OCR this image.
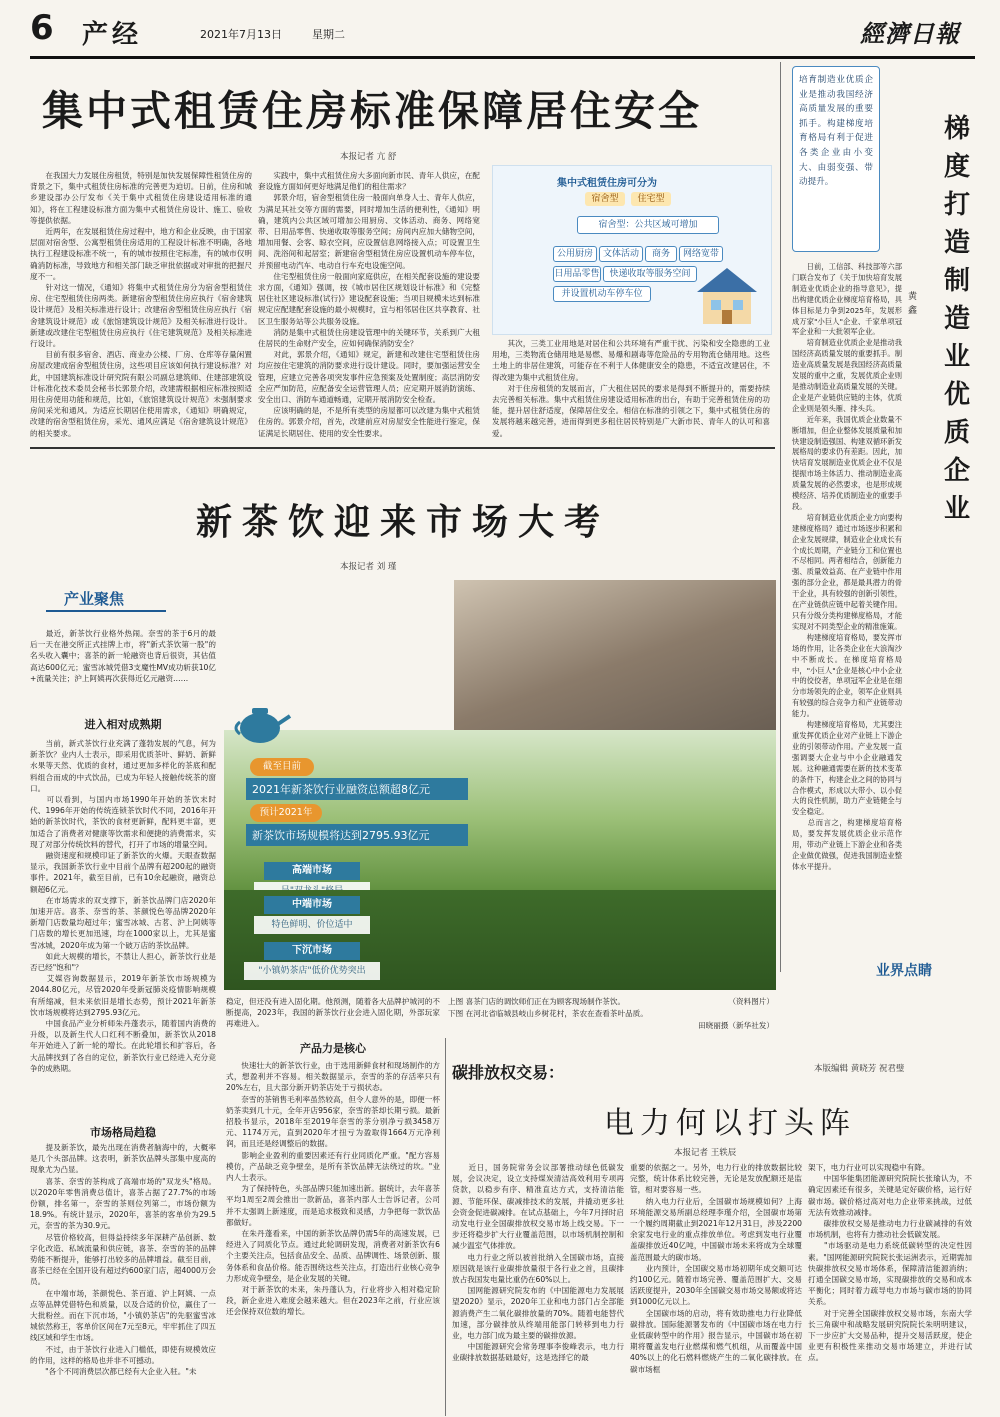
6 产经	2021年7月13日	星期二	經濟日報
集中式租赁住房标准保障居住安全
本报记者 亢 舒
　　在我国大力发展住房租赁，特别是加快发展保障性租赁住房的背景之下，集中式租赁住房标准的完善更为迫切。日前，住房和城乡建设部办公厅发布《关于集中式租赁住房建设适用标准的通知》，将在工程建设标准方面为集中式租赁住房设计、施工、验收等提供依据。
　　近两年，在发展租赁住房过程中，地方和企业反映，由于国家层面对宿舍型、公寓型租赁住房适用的工程设计标准不明确，各地执行工程建设标准不统一，有的城市按照住宅标准，有的城市仅明确消防标准，导致地方和相关部门缺乏审批依据或对审批的把握尺度不一。
　　针对这一情况，《通知》将集中式租赁住房分为宿舍型租赁住房、住宅型租赁住房两类。新建宿舍型租赁住房应执行《宿舍建筑设计规范》及相关标准进行设计；改建宿舍型租赁住房应执行《宿舍建筑设计规范》或《旅馆建筑设计规范》及相关标准进行设计。新建或改建住宅型租赁住房应执行《住宅建筑规范》及相关标准进行设计。
　　目前有很多宿舍、酒店、商业办公楼、厂房、仓库等存量闲置房屋改建成宿舍型租赁住房，这些项目应该如何执行建设标准？对此，中国建筑标准设计研究院有限公司副总建筑师、住建部建筑设计标准化技术委员会秘书长郭景介绍，改建需根据相应标准按照适用住房使用功能和规范，比如，《旅馆建筑设计规范》未强制要求房间采光和通风。为适应长期居住使用需求，《通知》明确规定，改建的宿舍型租赁住房，采光、通风应满足《宿舍建筑设计规范》的相关要求。
　　实践中，集中式租赁住房大多面向新市民、青年人供应，在配套设施方面如何更好地满足他们的租住需求？
　　郭景介绍，宿舍型租赁住房一般面向单身人士、青年人供应，为满足其社交等方面的需要，同时增加生活的便利性，《通知》明确，建筑内公共区域可增加公用厨房、文体活动、商务、网络宽带、日用品零售、快递收取等服务空间；房间内应加大储物空间，增加用餐、会客、晾衣空间，应设置信息网络接入点；可设置卫生间、洗浴间和起居室；新建宿舍型租赁住房应设置机动车停车位，并预留电动汽车、电动自行车充电设施空间。
　　住宅型租赁住房一般面向家庭供应，在相关配套设施的建设要求方面，《通知》强调，按《城市居住区规划设计标准》和《完整居住社区建设标准(试行)》建设配套设施；当项目规模未达到标准规定应配建配套设施的最小规模时，宜与相邻居住区共享教育、社区卫生服务站等公共服务设施。
　　消防是集中式租赁住房建设管理中的关键环节，关系到广大租住居民的生命财产安全，应如何确保消防安全？
　　对此，郭景介绍，《通知》规定，新建和改建住宅型租赁住房均应按住宅建筑的消防要求进行设计建设。同时，要加强运营安全管理，应建立完善各项突发事件应急预案及处置制度；高层消防安全应严加防范，应配备安全运营管理人员；应定期开展消防演练、安全出口、消防车通道畅通，定期开展消防安全检查。
　　应该明确的是，不是所有类型的房屋都可以改建为集中式租赁住房的。郭景介绍，首先，改建前应对房屋安全性能进行鉴定，保证满足长期居住、使用的安全性要求。
集中式租赁住房可分为
宿舍型	住宅型
宿舍型：公共区域可增加
公用厨房	文体活动	商务	网络宽带
日用品零售	快递收取等服务空间
并设置机动车停车位
　　其次，三类工业用地是对居住和公共环境有严重干扰、污染和安全隐患的工业用地，三类物流仓储用地是易燃、易爆和剧毒等危险品的专用物流仓储用地。这些土地上的非居住建筑，可能存在不利于人体健康安全的隐患，不适宜改建居住，不得改建为集中式租赁住房。
　　对于住房租赁的发展而言，广大租住居民的要求是得到不断提升的，需要持续去完善相关标准。集中式租赁住房建设适用标准的出台，有助于完善租赁住房的功能，提升居住舒适度，保障居住安全。相信在标准的引领之下，集中式租赁住房的发展将越来越完善，进而得到更多租住居民特别是广大新市民、青年人的认可和喜爱。
培育制造业优质企业是推动我国经济高质量发展的重要抓手。构建梯度培育格局有利于促进各类企业由小变大、由弱变强、带动提升。
梯度打造制造业优质企业
黄 鑫
　　日前，工信部、科技部等六部门联合发布了《关于加快培育发展制造业优质企业的指导意见》，提出构建优质企业梯度培育格局，具体目标是力争到2025年，发展形成万家"小巨人"企业、千家单项冠军企业和一大批领军企业。
　　培育制造业优质企业是推动我国经济高质量发展的重要抓手。制造业高质量发展是我国经济高质量发展的重中之重，发展优质企业则是推动制造业高质量发展的关键。企业是产业链供应链的主体，优质企业则是领头雁、排头兵。
　　近年来，我国优质企业数量不断增加，但企业整体发展质量和加快建设制造强国、构建双循环新发展格局的要求仍有差距。因此，加快培育发展制造业优质企业不仅是提振市场主体活力、推动制造业高质量发展的必然要求，也是形成规模经济、培养优质制造业的重要手段。
　　培育制造业优质企业方向要构建梯度格局？通过市场逐步积累和企业发展规律，制造业企业成长有个成长周期，产业链分工和位置也不尽相同。两者相结合，创新能力强、质量效益高、在产业链中作用强的部分企业，都是最具潜力的骨干企业，具有较强的创新引领性，在产业链供应链中起着关键作用。只有分级分类构建梯度格局，才能实现对不同类型企业的精准施策。
　　构建梯度培育格局，要发挥市场的作用，让各类企业在大浪淘沙中不断成长。在梯度培育格局中，"小巨人"企业是核心中小企业中的佼佼者，单项冠军企业是在细分市场领先的企业，领军企业则具有较强的综合竞争力和产业链带动能力。
　　构建梯度培育格局，尤其要注重发挥优质企业对产业链上下游企业的引领带动作用。产业发展一直强调要大企业与中小企业融通发展。这种融通需要在新的技术变革的条件下，构建企业之间的协同与合作模式，形成以大带小、以小促大的良性机制，助力产业链健全与安全稳定。
　　总而言之，构建梯度培育格局，要发挥发展优质企业示范作用，带动产业链上下游企业和各类企业做优做强，促进我国制造业整体水平提升。
业界点睛
本版编辑 黄晓芳 祝君璧
新茶饮迎来市场大考
本报记者 刘 瑾
产业聚焦
　　最近，新茶饮行业格外热闹。奈雪的茶于6月的最后一天在港交所正式挂牌上市，将"新式茶饮第一股"的名头收入囊中；喜茶的新一轮融资也背后很资，其估值高达600亿元；蜜雪冰城凭借3支魔性MV成功斩获10亿+流量关注；沪上阿姨再次获得近亿元融资……
进入相对成熟期
　　当前，新式茶饮行业充满了蓬勃发展的气息，何为新茶饮？业内人士表示，即采用优质茶叶、鲜奶、新鲜水果等天然、优质的食材，通过更加多样化的茶底和配料组合而成的中式饮品，已成为年轻人接触传统茶的窗口。
　　可以看到，与国内市场1990年开始的茶饮末时代、1996年开始的传统连锁茶饮时代不同，2016年开始的新茶饮时代，茶饮的食材更新鲜，配料更丰富，更加适合了消费者对健康等饮需求和便捷的消费需求，实现了对部分传统饮料的替代，打开了市场的增量空间。
　　融资速度和规模印证了新茶饮的火爆。天眼查数据显示，我国新茶饮行业中目前个品牌有超200起的融资事件。2021年，截至目前，已有10余起融资，融资总额超6亿元。
　　在市场需求的双支撑下，新茶饮品牌门店2020年加速开店。喜茶、奈雪的茶、茶颜悦色等品牌2020年新增门店数量均超过年；蜜雪冰城、古茗、沪上阿姨等门店数的增长更加迅速，均在1000家以上，尤其是蜜雪冰城，2020年成为第一个破万店的茶饮品牌。
　　如此大规模的增长，不禁让人担心，新茶饮行业是否已经"饱和"？
　　艾媒咨询数据显示，2019年新茶饮市场规模为2044.80亿元，尽管2020年受新冠肺炎疫情影响规模有所缩减，但未来依旧是增长态势，预计2021年新茶饮市场规模将达到2795.93亿元。
　　中国食品产业分析师朱丹蓬表示，随着国内消费的升级，以及新生代人口红利不断叠加，新茶饮从2018年开始进入了新一轮的增长。在此轮增长和扩容后，各大品牌找到了各自的定位，新茶饮行业已经进入充分竞争的成熟期。
市场格局趋稳
　　提及新茶饮，最先出现在消费者脑海中的，大概率是几个头部品牌。这表明，新茶饮品牌头部集中度高的现象尤为凸显。
　　喜茶、奈雪的茶构成了高端市场的"双龙头"格局。以2020年零售消费总值计，喜茶占据了27.7%的市场份额，排名第一，奈雪的茶则位列第二，市场份额为18.9%。有统计显示，2020年，喜茶的客单价为29.5元，奈雪的茶为30.9元。
　　尽管价格较高，但得益持续多年深耕产品创新、数字化改造、私域流量和供应链，喜茶、奈雪的茶的品牌势能不断提升，能够打出较多的品牌增益。截至目前，喜茶已经在全国开设有超过约600家门店，超4000万会员。
　　在中端市场，茶颜悦色、茶百道、沪上阿姨、一点点等品牌凭借特色和质量，以及合适的价位，赢住了一大批粉丝。而在下沉市场，"小镇奶茶店"的先驱蜜雪冰城依然称王，客单价区间在7元至8元，牢牢抓住了四五线区域和学生市场。
　　不过，由于茶饮行业进入门槛低，即使有规模效应的作用，这样的格局也并非不可撼动。
　　"各个不同消费层次都已经有大企业入驻。"未
截至目前
2021年新茶饮行业融资总额超8亿元
预计2021年
新茶饮市场规模将达到2795.93亿元
高端市场
中端市场
特色鲜明、价位适中
下沉市场
"小镇奶茶店"低价优势突出
上图 喜茶门店的调饮师们正在为顾客现场制作茶饮。	（资料图片）
下图 在河北省临城县岐山乡树花村，茶农在查看茶叶品质。
田晓丽摄（新华社发）
稳定，但还没有进入固化期。他预测，随着各大品牌护城河的不断提高，2023年，我国的新茶饮行业会进入固化期，外部玩家再难进入。
产品力是核心
　　快速壮大的新茶饮行业，由于选用新鲜食材和现场制作的方式，想盈利并不容易。相关数据显示，奈雪的茶的存活率只有20%左右，且大部分新开奶茶店处于亏损状态。
　　奈雪的茶销售毛利率虽然较高，但令人意外的是，即便一杯奶茶卖到几十元，全年开店956家，奈雪的茶却长期亏损。最新招股书显示，2018年至2019年奈雪的茶分别净亏损3458万元、1174万元，直到2020年才扭亏为盈取得1664万元净利润，而且还是经调整后的数据。
　　影响企业盈利的重要因素还有行业同质化严重。"配方容易模仿，产品缺乏竞争壁垒，是所有茶饮品牌无法绕过的坎。"业内人士表示。
　　为了保持特色，头部品牌只能加速出新。据统计，去年喜茶平均1周至2周会推出一款新品，喜茶内部人士告诉记者，公司并不太强调上新速度，而是追求极致和灵感，力争把每一款饮品都做好。
　　在朱丹蓬看来，中国的新茶饮品牌仍需5年的高速发展，已经进入了同质化节点。通过此轮调研发现，消费者对新茶饮有6个主要关注点，包括食品安全、品质、品牌调性、场景创新、服务体系和食品价格。能否围绕这些关注点，打造出行业核心竞争力形成竞争壁垒，是企业发展的关键。
　　对于新茶饮的未来，朱丹蓬认为，行业将步入相对稳定阶段，新企业进入难度会越来越大。但在2023年之前，行业应该还会保持双位数的增长。
碳排放权交易：
电力何以打头阵
本报记者 王轶辰
　　近日，国务院常务会议部署推动绿色低碳发展，会议决定，设立支持煤炭清洁高效利用专项再贷款，以稳步有序、精准直达方式，支持清洁能源、节能环保、碳减排技术的发展，并撬动更多社会资金促进碳减排。在试点基础上，今年7月择时启动发电行业全国碳排放权交易市场上线交易。下一步还将稳步扩大行业覆盖范围，以市场机制控制和减少温室气体排放。
　　电力行业之所以被首批纳入全国碳市场，直接原因就是该行业碳排放量很于各行业之首，且碳排放占我国发电量比重仍在60%以上。
　　国网能源研究院发布的《中国能源电力发展展望2020》显示，2020年工业和电力部门占全部能源消费产生二氧化碳排放量的70%。随着电能替代加速，部分碳排放从终端用能部门转移到电力行业，电力部门成为最主要的碳排放源。
　　中国能源研究会常务理事李俊峰表示，电力行业碳排放数据基础最好，这是选择它的最
重要的依据之一。另外，电力行业的排放数据比较完整，统计体系比较完善，无论是发放配额还是监管，相对要容易一些。
　　纳入电力行业后，全国碳市场规模如何？上海环境能源交易所副总经理李瑾介绍，全国碳市场第一个履约周期截止到2021年12月31日，涉及2200余家发电行业的重点排放单位。考虑到发电行业覆盖碳排放近40亿吨，中国碳市场未来将成为全球覆盖范围最大的碳市场。
　　业内预计，全国碳交易市场初期年成交额可达约100亿元。随着市场完善、覆盖范围扩大、交易活跃度提升，2030年全国碳交易市场交易额或将达到1000亿元以上。
　　全国碳市场的启动，将有效助推电力行业降低碳排放。国际能源署发布的《中国碳市场在电力行业低碳转型中的作用》报告显示，中国碳市场在初期将覆盖发电行业燃煤和燃气机组，从而覆盖中国40%以上的化石燃料燃烧产生的二氧化碳排放。在碳市场框
架下，电力行业可以实现稳中有降。
　　中国华能集团能源研究院院长张瑜认为，不确定因素还有很多，关键是定好碳价格，运行好碳市场。碳价格过高对电力企业带来挑战，过低无法有效推动减排。
　　碳排放权交易是推动电力行业碳减排的有效市场机制，也将有力推动社会低碳发展。
　　"市场驱动是电力系统低碳转型的决定性因素。"国网能源研究院院长张运洲表示，近期需加快碳排放权交易市场体系，保障清洁能源消纳；打通全国碳交易市场，实现碳排放的交易和成本平衡化；同时着力疏导电力市场与碳市场的协同关系。
　　对于完善全国碳排放权交易市场，东南大学长三角碳中和战略发展研究院院长朱明明建议，下一步应扩大交易品种，提升交易活跃度，使企业更有积极性来推动交易市场建立，并进行试点。
